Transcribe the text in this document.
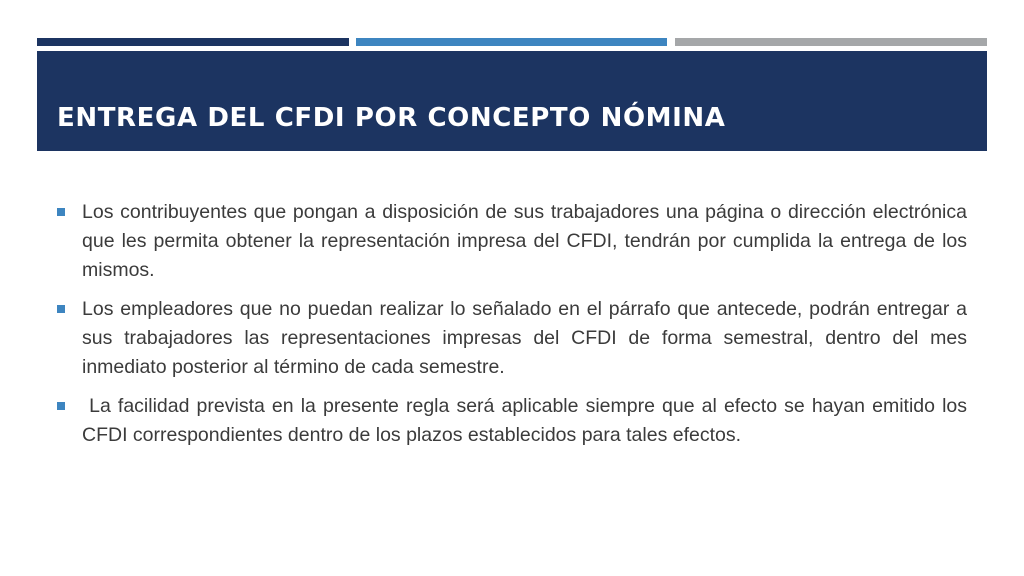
ENTREGA DEL CFDI POR CONCEPTO NÓMINA
Los contribuyentes que pongan a disposición de sus trabajadores una página o dirección electrónica que les permita obtener la representación impresa del CFDI, tendrán por cumplida la entrega de los mismos.
Los empleadores que no puedan realizar lo señalado en el párrafo que antecede, podrán entregar a sus trabajadores las representaciones impresas del CFDI de forma semestral, dentro del mes inmediato posterior al término de cada semestre.
La facilidad prevista en la presente regla será aplicable siempre que al efecto se hayan emitido los CFDI correspondientes dentro de los plazos establecidos para tales efectos.
